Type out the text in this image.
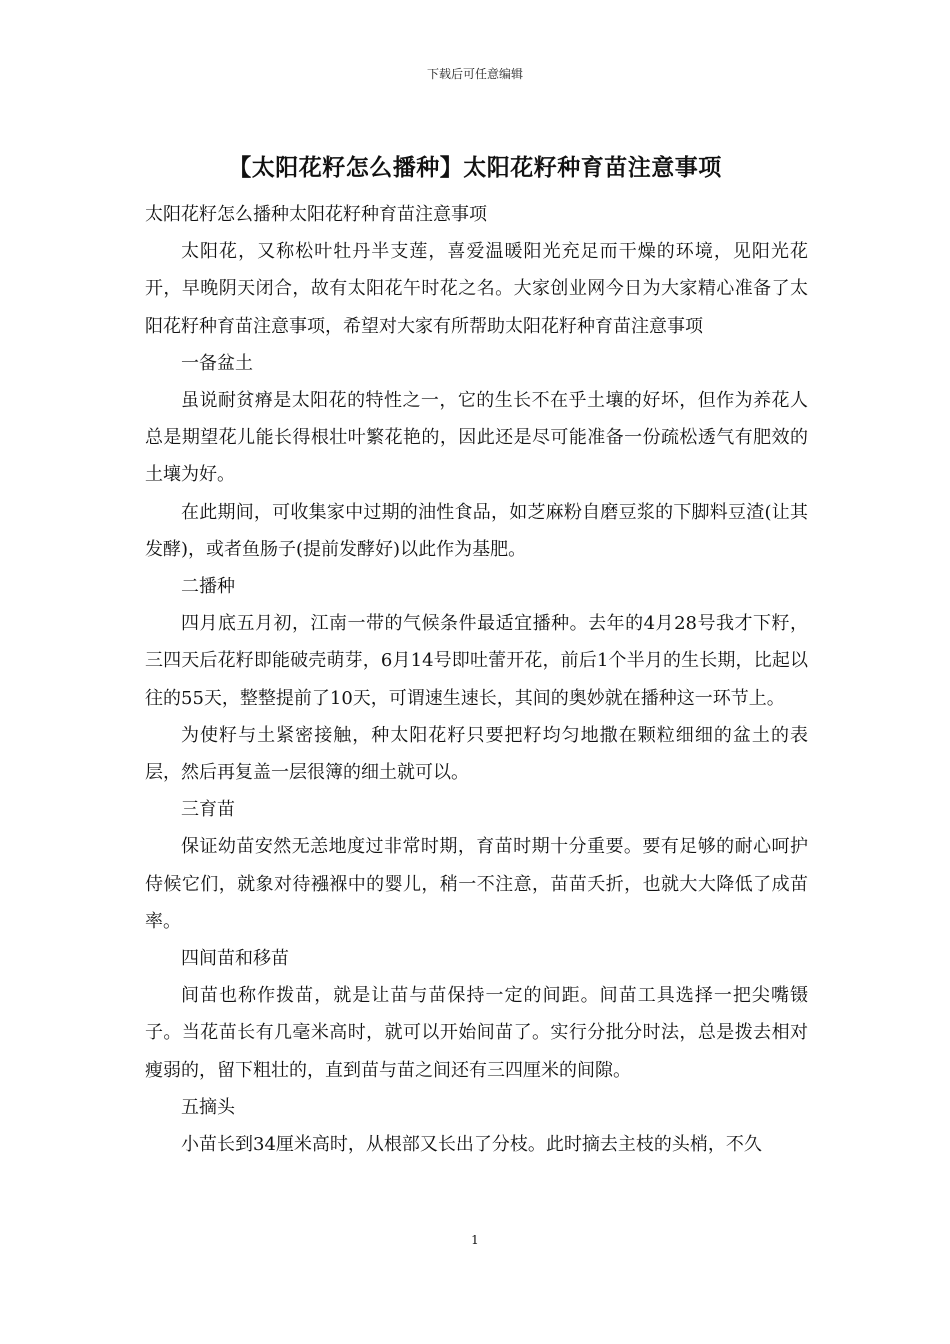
下载后可任意编辑
【太阳花籽怎么播种】太阳花籽种育苗注意事项

太阳花籽怎么播种太阳花籽种育苗注意事项

太阳花，又称松叶牡丹半支莲，喜爱温暖阳光充足而干燥的环境，见阳光花开，早晚阴天闭合，故有太阳花午时花之名。大家创业网今日为大家精心准备了太阳花籽种育苗注意事项，希望对大家有所帮助太阳花籽种育苗注意事项

一备盆土

虽说耐贫瘠是太阳花的特性之一，它的生长不在乎土壤的好坏，但作为养花人总是期望花儿能长得根壮叶繁花艳的，因此还是尽可能准备一份疏松透气有肥效的土壤为好。

在此期间，可收集家中过期的油性食品，如芝麻粉自磨豆浆的下脚料豆渣(让其发酵)，或者鱼肠子(提前发酵好)以此作为基肥。

二播种

四月底五月初，江南一带的气候条件最适宜播种。去年的4月28号我才下籽，三四天后花籽即能破壳萌芽，6月14号即吐蕾开花，前后1个半月的生长期，比起以往的55天，整整提前了10天，可谓速生速长，其间的奥妙就在播种这一环节上。

为使籽与土紧密接触，种太阳花籽只要把籽均匀地撒在颗粒细细的盆土的表层，然后再复盖一层很簿的细土就可以。

三育苗

保证幼苗安然无恙地度过非常时期，育苗时期十分重要。要有足够的耐心呵护侍候它们，就象对待襁褓中的婴儿，稍一不注意，苗苗夭折，也就大大降低了成苗率。

四间苗和移苗

间苗也称作拨苗，就是让苗与苗保持一定的间距。间苗工具选择一把尖嘴镊子。当花苗长有几毫米高时，就可以开始间苗了。实行分批分时法，总是拨去相对瘦弱的，留下粗壮的，直到苗与苗之间还有三四厘米的间隙。

五摘头

小苗长到34厘米高时，从根部又长出了分枝。此时摘去主枝的头梢，不久

1
